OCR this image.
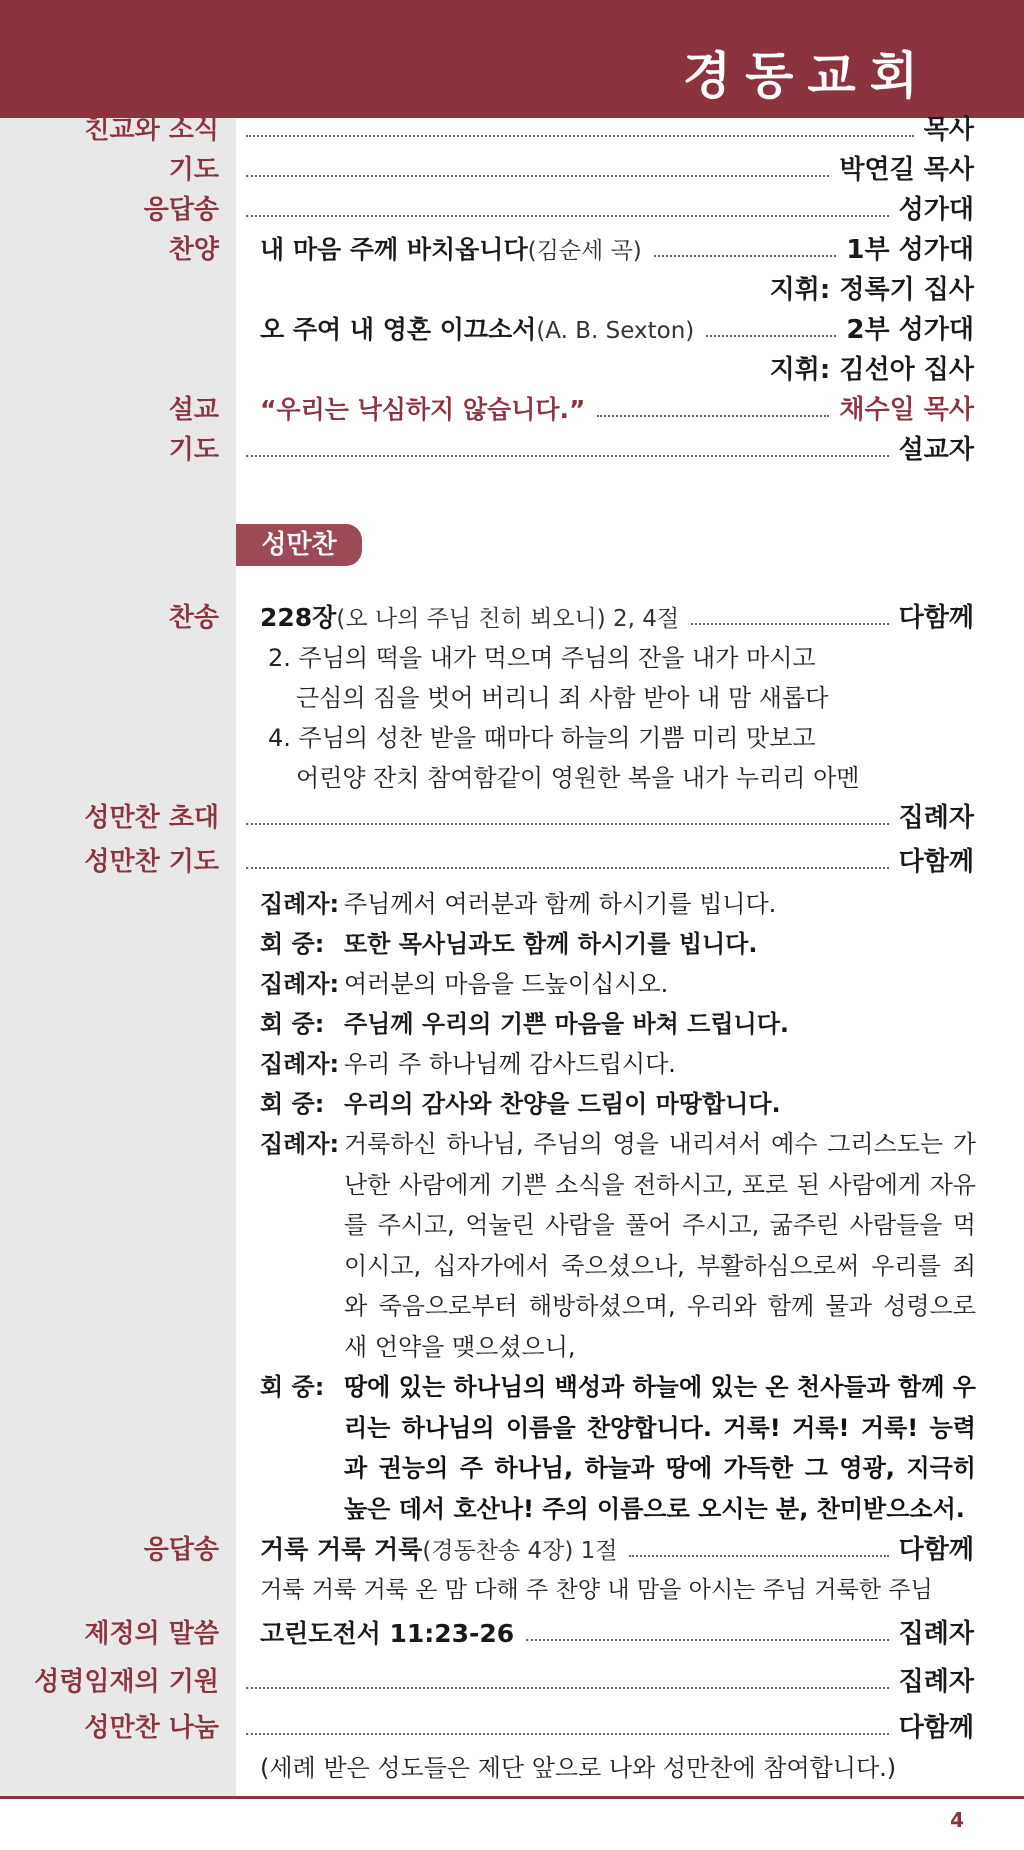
경동교회
친교와 소식	목사
기도	박연길 목사
응답송	성가대
찬양 내 마음 주께 바치옵니다(김순세 곡)	1부 성가대
지휘: 정록기 집사
오 주여 내 영혼 이끄소서(A. B. Sexton)	2부 성가대
지휘: 김선아 집사
설교 “우리는 낙심하지 않습니다.”	채수일 목사
기도	설교자
성만찬
찬송 228장(오 나의 주님 친히 뵈오니) 2, 4절	다함께
2. 주님의 떡을 내가 먹으며 주님의 잔을 내가 마시고
근심의 짐을 벗어 버리니 죄 사함 받아 내 맘 새롭다
4. 주님의 성찬 받을 때마다 하늘의 기쁨 미리 맛보고
어린양 잔치 참여함같이 영원한 복을 내가 누리리 아멘
성만찬 초대	집례자
성만찬 기도	다함께
집례자: 주님께서 여러분과 함께 하시기를 빕니다.
회 중: 또한 목사님과도 함께 하시기를 빕니다.
집례자: 여러분의 마음을 드높이십시오.
회 중: 주님께 우리의 기쁜 마음을 바쳐 드립니다.
집례자: 우리 주 하나님께 감사드립시다.
회 중: 우리의 감사와 찬양을 드림이 마땅합니다.
집례자: 거룩하신 하나님, 주님의 영을 내리셔서 예수 그리스도는 가난한 사람에게 기쁜 소식을 전하시고, 포로 된 사람에게 자유를 주시고, 억눌린 사람을 풀어 주시고, 굶주린 사람들을 먹이시고, 십자가에서 죽으셨으나, 부활하심으로써 우리를 죄와 죽음으로부터 해방하셨으며, 우리와 함께 물과 성령으로 새 언약을 맺으셨으니,
회 중: 땅에 있는 하나님의 백성과 하늘에 있는 온 천사들과 함께 우리는 하나님의 이름을 찬양합니다. 거룩! 거룩! 거룩! 능력과 권능의 주 하나님, 하늘과 땅에 가득한 그 영광, 지극히 높은 데서 호산나! 주의 이름으로 오시는 분, 찬미받으소서.
응답송 거룩 거룩 거룩(경동찬송 4장) 1절	다함께
거룩 거룩 거룩 온 맘 다해 주 찬양 내 맘을 아시는 주님 거룩한 주님
제정의 말씀 고린도전서 11:23-26	집례자
성령임재의 기원	집례자
성만찬 나눔	다함께
(세례 받은 성도들은 제단 앞으로 나와 성만찬에 참여합니다.)
4
